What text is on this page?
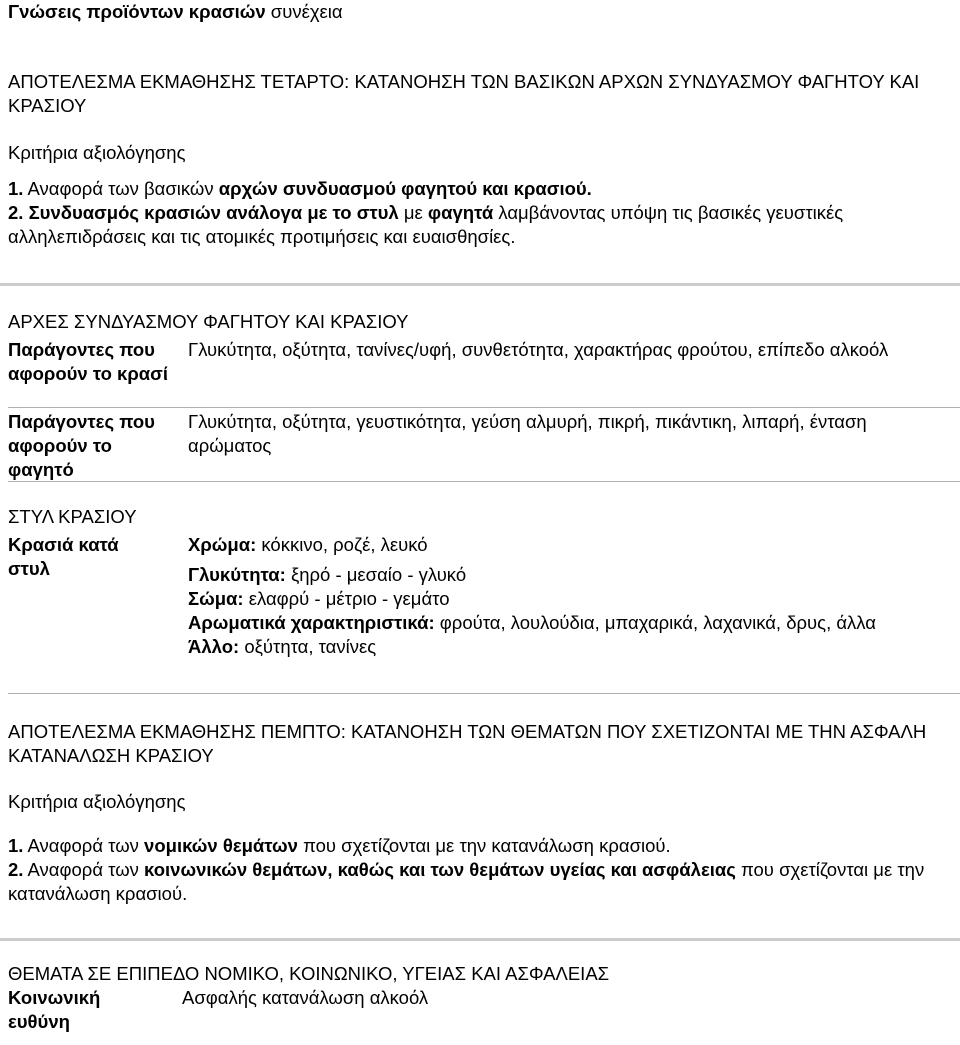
Γνώσεις προϊόντων κρασιών συνέχεια
ΑΠΟΤΕΛΕΣΜΑ ΕΚΜΑΘΗΣΗΣ ΤΕΤΑΡΤΟ: ΚΑΤΑΝΟΗΣΗ ΤΩΝ ΒΑΣΙΚΩΝ ΑΡΧΩΝ ΣΥΝΔΥΑΣΜΟΥ ΦΑΓΗΤΟΥ ΚΑΙ ΚΡΑΣΙΟΥ
Κριτήρια αξιολόγησης
1. Αναφορά των βασικών αρχών συνδυασμού φαγητού και κρασιού.
2. Συνδυασμός κρασιών ανάλογα με το στυλ με φαγητά λαμβάνοντας υπόψη τις βασικές γευστικές αλληλεπιδράσεις και τις ατομικές προτιμήσεις και ευαισθησίες.
ΑΡΧΕΣ ΣΥΝΔΥΑΣΜΟΥ ΦΑΓΗΤΟΥ ΚΑΙ ΚΡΑΣΙΟΥ
Παράγοντες που αφορούν το κρασί
Γλυκύτητα, οξύτητα, τανίνες/υφή, συνθετότητα, χαρακτήρας φρούτου, επίπεδο αλκοόλ
Παράγοντες που αφορούν το φαγητό
Γλυκύτητα, οξύτητα, γευστικότητα, γεύση αλμυρή, πικρή, πικάντικη, λιπαρή, ένταση αρώματος
ΣΤΥΛ ΚΡΑΣΙΟΥ
Κρασιά κατά στυλ
Χρώμα: κόκκινο, ροζέ, λευκό
Γλυκύτητα: ξηρό - μεσαίο - γλυκό
Σώμα: ελαφρύ - μέτριο - γεμάτο
Αρωματικά χαρακτηριστικά: φρούτα, λουλούδια, μπαχαρικά, λαχανικά, δρυς, άλλα
Άλλο: οξύτητα, τανίνες
ΑΠΟΤΕΛΕΣΜΑ ΕΚΜΑΘΗΣΗΣ ΠΕΜΠΤΟ: ΚΑΤΑΝΟΗΣΗ ΤΩΝ ΘΕΜΑΤΩΝ ΠΟΥ ΣΧΕΤΙΖΟΝΤΑΙ ΜΕ ΤΗΝ ΑΣΦΑΛΗ ΚΑΤΑΝΑΛΩΣΗ ΚΡΑΣΙΟΥ
Κριτήρια αξιολόγησης
1. Αναφορά των νομικών θεμάτων που σχετίζονται με την κατανάλωση κρασιού.
2. Αναφορά των κοινωνικών θεμάτων, καθώς και των θεμάτων υγείας και ασφάλειας που σχετίζονται με την κατανάλωση κρασιού.
ΘΕΜΑΤΑ ΣΕ ΕΠΙΠΕΔΟ ΝΟΜΙΚΟ, ΚΟΙΝΩΝΙΚΟ, ΥΓΕΙΑΣ ΚΑΙ ΑΣΦΑΛΕΙΑΣ
Κοινωνική ευθύνη
Ασφαλής κατανάλωση αλκοόλ
